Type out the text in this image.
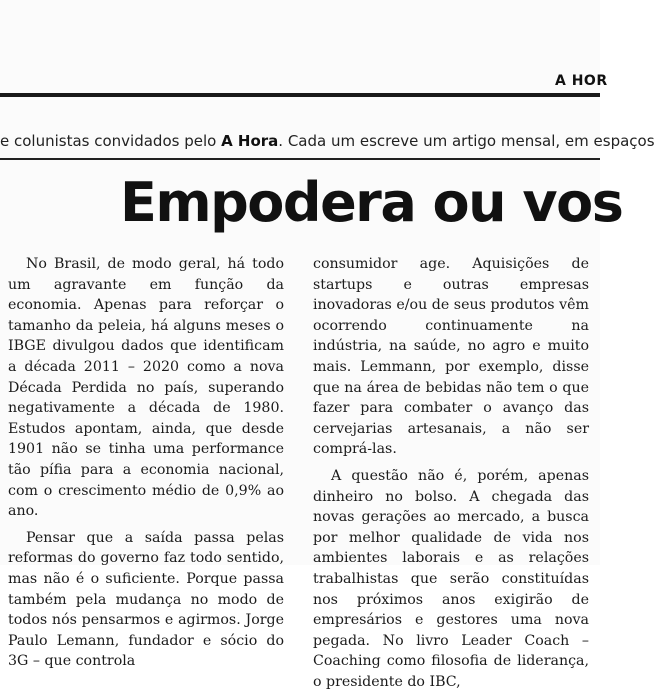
A HOR
e colunistas convidados pelo A Hora. Cada um escreve um artigo mensal, em espaços
Empodera ou vos

No Brasil, de modo geral, há todo um agravante em função da economia. Apenas para reforçar o tamanho da peleia, há alguns meses o IBGE divulgou dados que identificam a década 2011 – 2020 como a nova Década Perdida no país, superando negativamente a década de 1980. Estudos apontam, ainda, que desde 1901 não se tinha uma performance tão pífia para a economia nacional, com o crescimento médio de 0,9% ao ano.

Pensar que a saída passa pelas reformas do governo faz todo sentido, mas não é o suficiente. Porque passa também pela mudança no modo de todos nós pensarmos e agirmos. Jorge Paulo Lemann, fundador e sócio do 3G – que controla

consumidor age. Aquisições de startups e outras empresas inovadoras e/ou de seus produtos vêm ocorrendo continuamente na indústria, na saúde, no agro e muito mais. Lemmann, por exemplo, disse que na área de bebidas não tem o que fazer para combater o avanço das cervejarias artesanais, a não ser comprá-las.

A questão não é, porém, apenas dinheiro no bolso. A chegada das novas gerações ao mercado, a busca por melhor qualidade de vida nos ambientes laborais e as relações trabalhistas que serão constituídas nos próximos anos exigirão de empresários e gestores uma nova pegada. No livro Leader Coach – Coaching como filosofia de liderança, o presidente do IBC,
